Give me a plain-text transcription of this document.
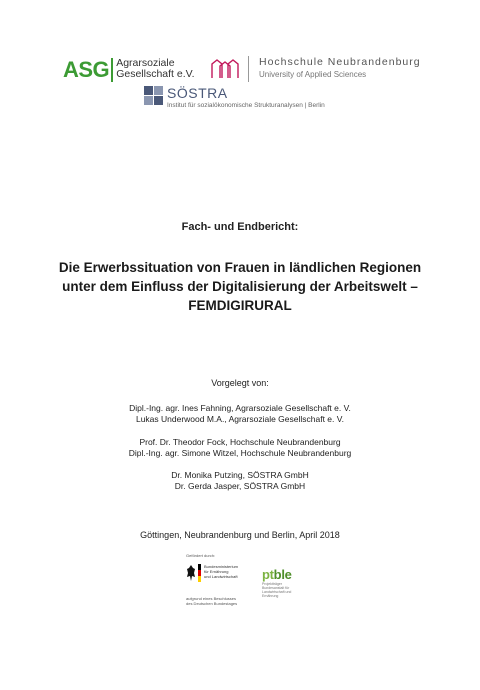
ASG Agrarsoziale
Gesellschaft e.V.
Hochschule Neubrandenburg
University of Applied Sciences
SÖSTRA
Institut für sozialökonomische Strukturanalysen | Berlin
Fach- und Endbericht:
Die Erwerbssituation von Frauen in ländlichen Regionen
unter dem Einfluss der Digitalisierung der Arbeitswelt –
FEMDIGIRURAL
Vorgelegt von:
Dipl.-Ing. agr. Ines Fahning, Agrarsoziale Gesellschaft e. V.
Lukas Underwood M.A., Agrarsoziale Gesellschaft e. V.
Prof. Dr. Theodor Fock, Hochschule Neubrandenburg
Dipl.-Ing. agr. Simone Witzel, Hochschule Neubrandenburg
Dr. Monika Putzing, SÖSTRA GmbH
Dr. Gerda Jasper, SÖSTRA GmbH
Göttingen, Neubrandenburg und Berlin, April 2018
Gefördert durch:
Bundesministerium
für Ernährung
und Landwirtschaft
aufgrund eines Beschlusses
des Deutschen Bundestages
ptble
Projektträger Bundesanstalt für Landwirtschaft und Ernährung
